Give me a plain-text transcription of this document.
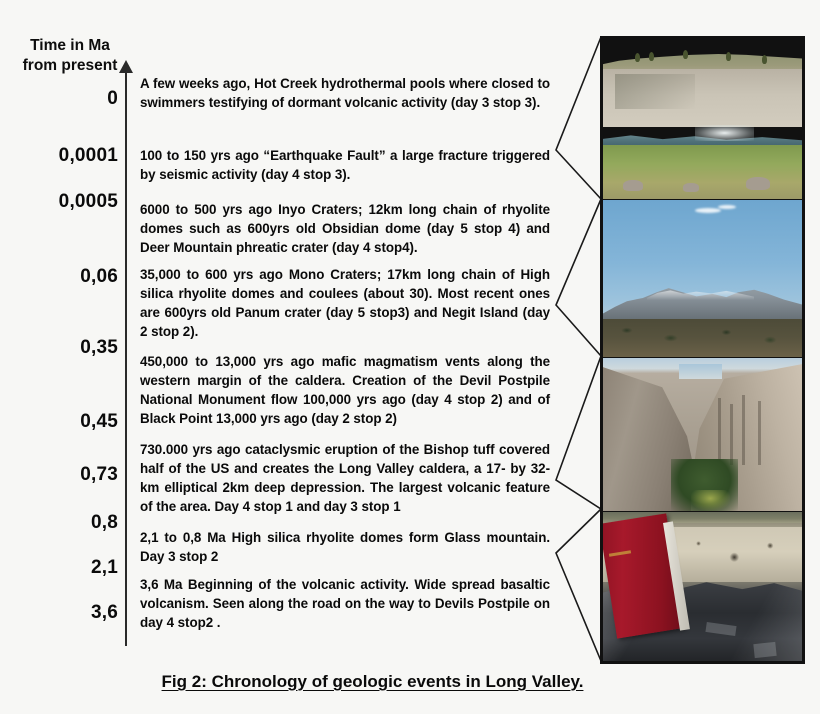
Time in Ma
from present
0
0,0001
0,0005
0,06
0,35
0,45
0,73
0,8
2,1
3,6
A few weeks ago, Hot Creek hydrothermal pools where closed to swimmers testifying of dormant volcanic activity (day 3 stop 3).
100 to 150 yrs ago “Earthquake Fault” a large fracture triggered by seismic activity (day 4 stop 3).
6000 to 500 yrs ago Inyo Craters; 12km long chain of rhyolite domes such as 600yrs old Obsidian dome (day 5 stop 4) and Deer Mountain phreatic crater (day 4 stop4).
35,000 to 600 yrs ago Mono Craters; 17km long chain of High silica rhyolite domes and coulees (about 30). Most recent ones are 600yrs old Panum crater (day 5 stop3) and Negit Island (day 2 stop 2).
450,000 to 13,000 yrs ago mafic magmatism vents along the western margin of the caldera. Creation of the Devil Postpile National Monument flow 100,000 yrs ago (day 4 stop 2) and of Black Point 13,000 yrs ago (day 2 stop 2)
730.000 yrs ago cataclysmic eruption of the Bishop tuff covered half of the US and creates the Long Valley caldera, a 17- by 32-km elliptical 2km deep depression. The largest volcanic feature of the area. Day 4 stop 1 and day 3 stop 1
2,1 to 0,8 Ma High silica rhyolite domes form Glass mountain. Day 3 stop 2
3,6 Ma Beginning of the volcanic activity. Wide spread basaltic volcanism. Seen along the road on the way to Devils Postpile on day 4 stop2 .
Fig 2: Chronology of geologic events in Long Valley.
